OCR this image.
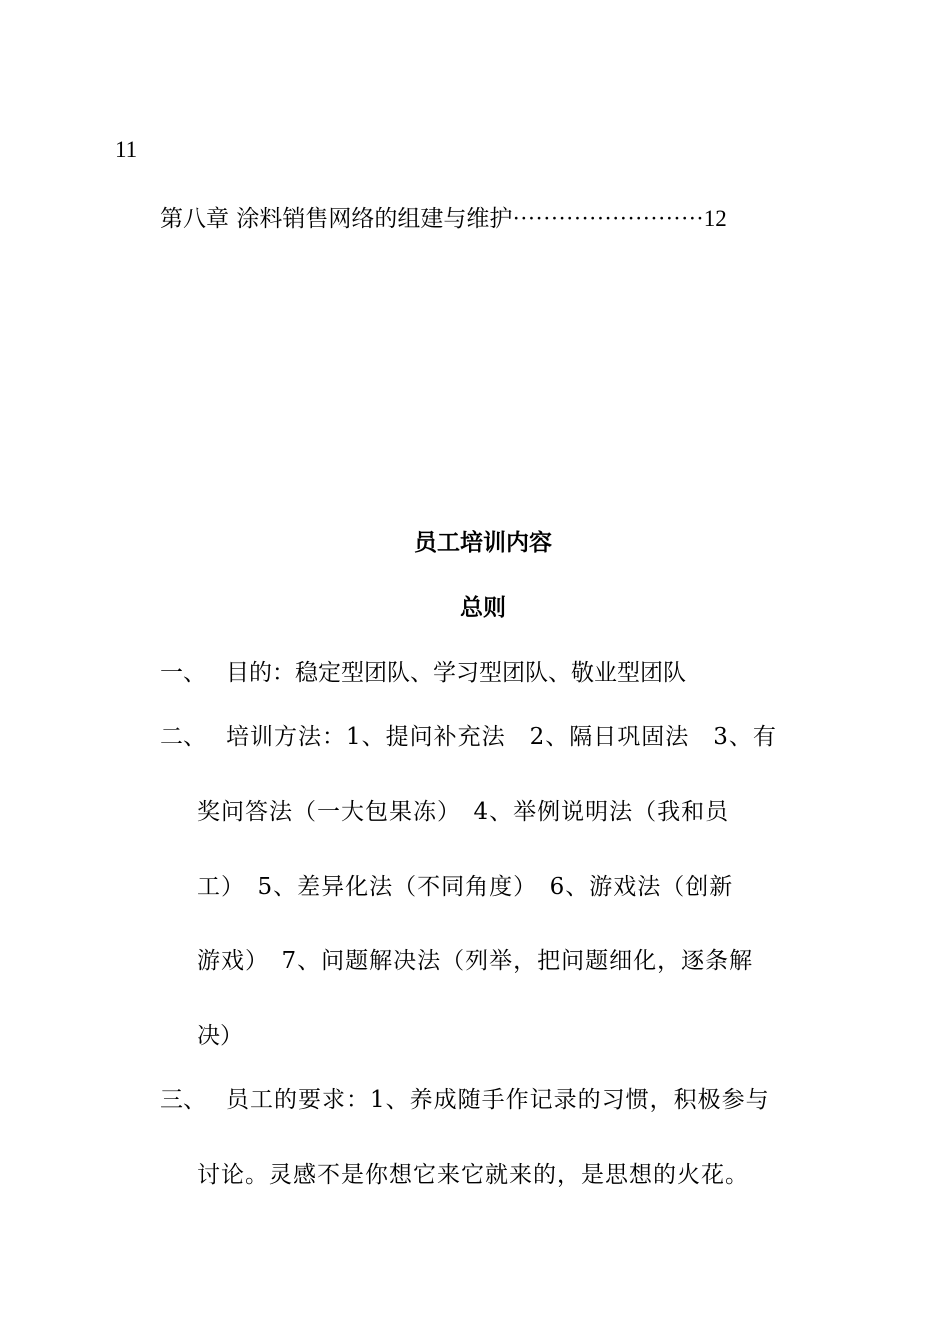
11
第八章 涂料销售网络的组建与维护·························12
员工培训内容
总则
一、 目的：稳定型团队、学习型团队、敬业型团队
二、 培训方法：1、提问补充法　2、隔日巩固法　3、有
奖问答法（一大包果冻）　4、举例说明法（我和员
工）　5、差异化法（不同角度）　6、游戏法（创新
游戏）　7、问题解决法（列举，把问题细化，逐条解
决）
三、 员工的要求：1、养成随手作记录的习惯，积极参与
讨论。灵感不是你想它来它就来的，是思想的火花。
